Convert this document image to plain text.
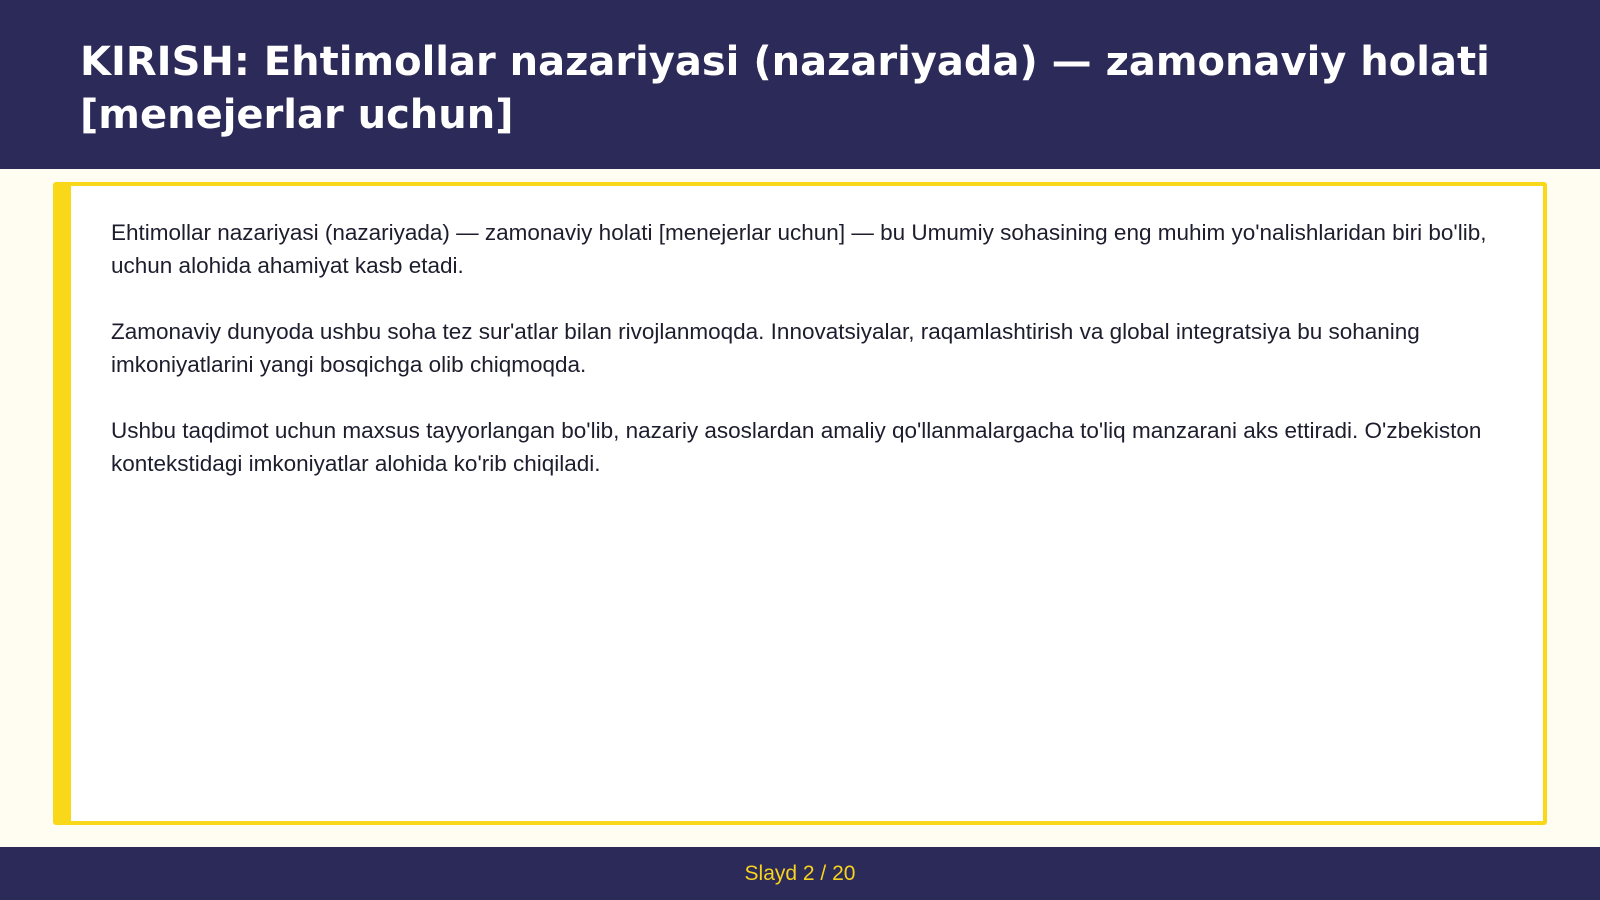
KIRISH: Ehtimollar nazariyasi (nazariyada) — zamonaviy holati [menejerlar uchun]

Ehtimollar nazariyasi (nazariyada) — zamonaviy holati [menejerlar uchun] — bu Umumiy sohasining eng muhim yo'nalishlaridan biri bo'lib, uchun alohida ahamiyat kasb etadi.

Zamonaviy dunyoda ushbu soha tez sur'atlar bilan rivojlanmoqda. Innovatsiyalar, raqamlashtirish va global integratsiya bu sohaning imkoniyatlarini yangi bosqichga olib chiqmoqda.

Ushbu taqdimot uchun maxsus tayyorlangan bo'lib, nazariy asoslardan amaliy qo'llanmalargacha to'liq manzarani aks ettiradi. O'zbekiston kontekstidagi imkoniyatlar alohida ko'rib chiqiladi.

Slayd 2 / 20
